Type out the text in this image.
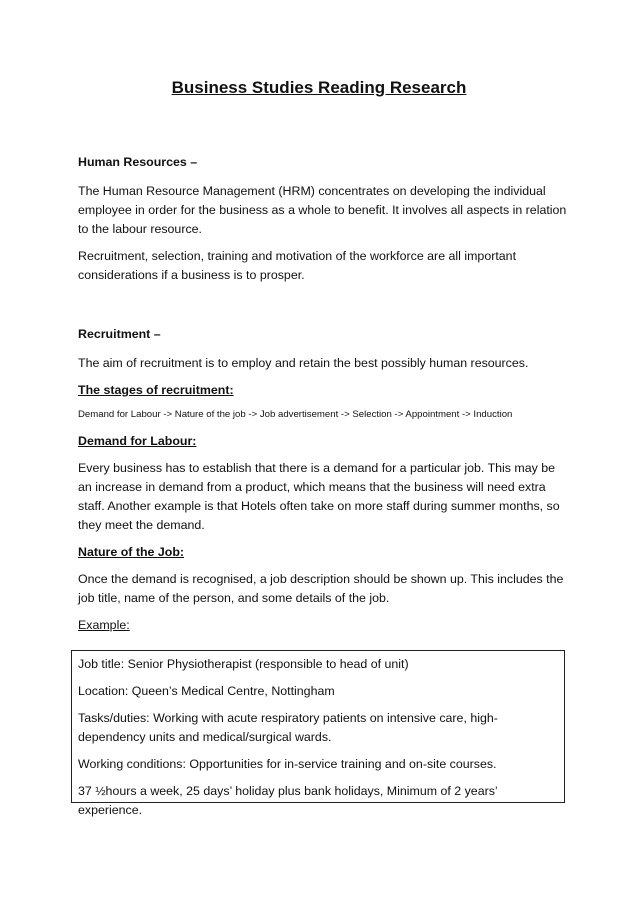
Business Studies Reading Research

Human Resources –

The Human Resource Management (HRM) concentrates on developing the individual employee in order for the business as a whole to benefit. It involves all aspects in relation to the labour resource.

Recruitment, selection, training and motivation of the workforce are all important considerations if a business is to prosper.

Recruitment –

The aim of recruitment is to employ and retain the best possibly human resources.

The stages of recruitment:

Demand for Labour -> Nature of the job -> Job advertisement -> Selection -> Appointment -> Induction

Demand for Labour:

Every business has to establish that there is a demand for a particular job. This may be an increase in demand from a product, which means that the business will need extra staff. Another example is that Hotels often take on more staff during summer months, so they meet the demand.

Nature of the Job:

Once the demand is recognised, a job description should be shown up. This includes the job title, name of the person, and some details of the job.

Example:

Job title: Senior Physiotherapist (responsible to head of unit)

Location: Queen’s Medical Centre, Nottingham

Tasks/duties: Working with acute respiratory patients on intensive care, high-dependency units and medical/surgical wards.

Working conditions: Opportunities for in-service training and on-site courses.

37 ½hours a week, 25 days’ holiday plus bank holidays, Minimum of 2 years’ experience.
